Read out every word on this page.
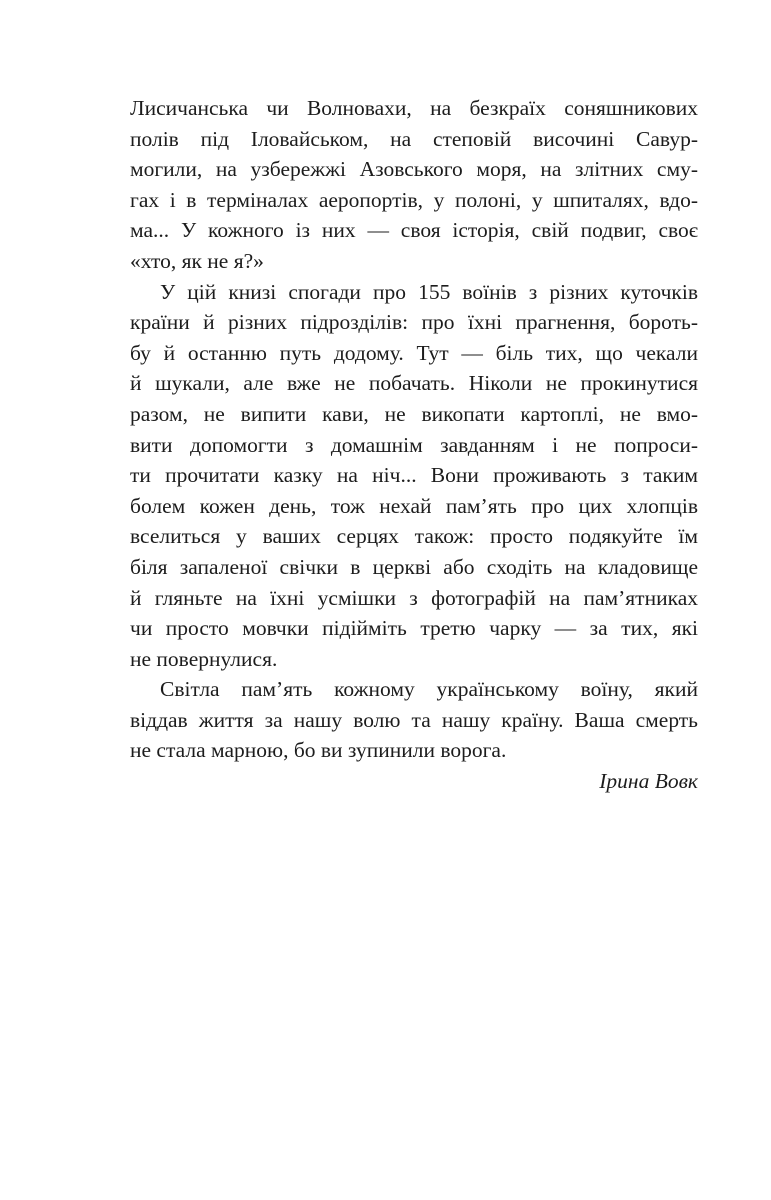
Лисичанська чи Волновахи, на безкраїх соняшникових
полів під Іловайськом, на степовій височині Савур-
могили, на узбережжі Азовського моря, на злітних сму-
гах і в терміналах аеропортів, у полоні, у шпиталях, вдо-
ма... У кожного із них — своя історія, свій подвиг, своє
«хто, як не я?»
У цій книзі спогади про 155 воїнів з різних куточків
країни й різних підрозділів: про їхні прагнення, бороть-
бу й останню путь додому. Тут — біль тих, що чекали
й шукали, але вже не побачать. Ніколи не прокинутися
разом, не випити кави, не викопати картоплі, не вмо-
вити допомогти з домашнім завданням і не попроси-
ти прочитати казку на ніч... Вони проживають з таким
болем кожен день, тож нехай пам’ять про цих хлопців
вселиться у ваших серцях також: просто подякуйте їм
біля запаленої свічки в церкві або сходіть на кладовище
й гляньте на їхні усмішки з фотографій на пам’ятниках
чи просто мовчки підійміть третю чарку — за тих, які
не повернулися.
Світла пам’ять кожному українському воїну, який
віддав життя за нашу волю та нашу країну. Ваша смерть
не стала марною, бо ви зупинили ворога.
Ірина Вовк
